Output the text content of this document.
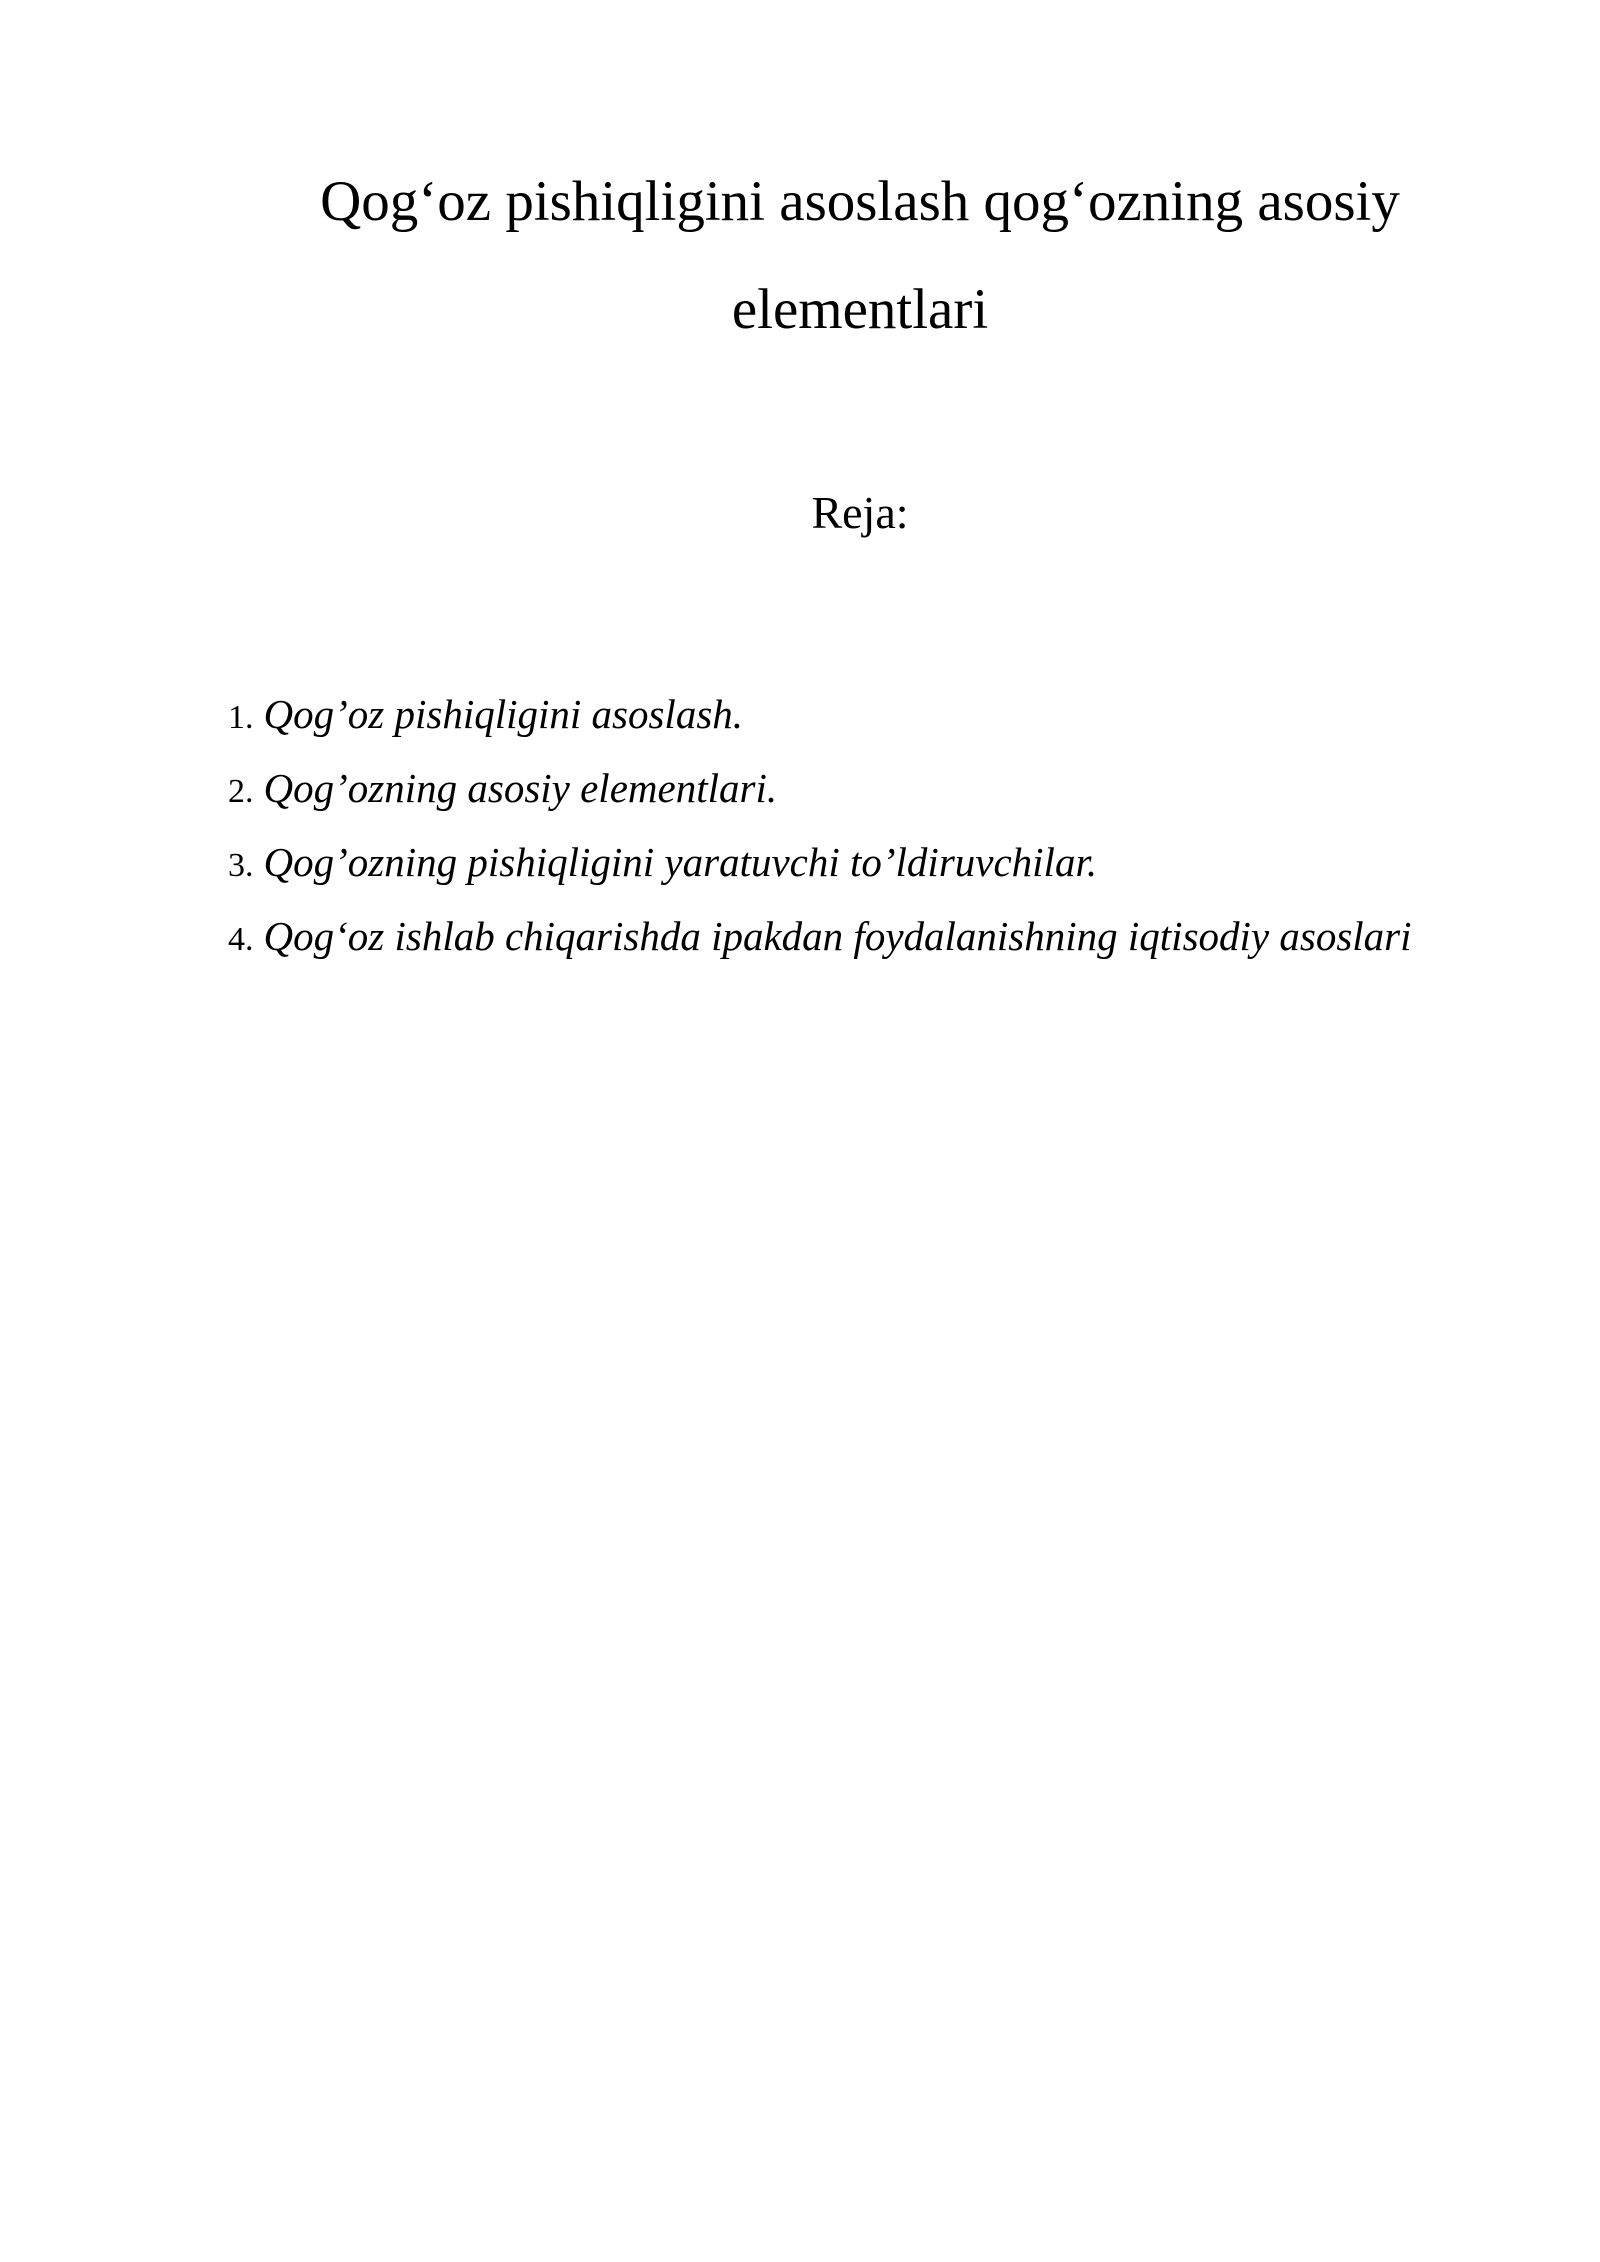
Qog‘oz pishiqligini asoslash qog‘ozning asosiy elementlari
Reja:
1. Qog’oz pishiqligini asoslash.
2. Qog’ozning asosiy elementlari.
3. Qog’ozning pishiqligini yaratuvchi to’ldiruvchilar.
4. Qog‘oz ishlab chiqarishda ipakdan foydalanishning iqtisodiy asoslari
